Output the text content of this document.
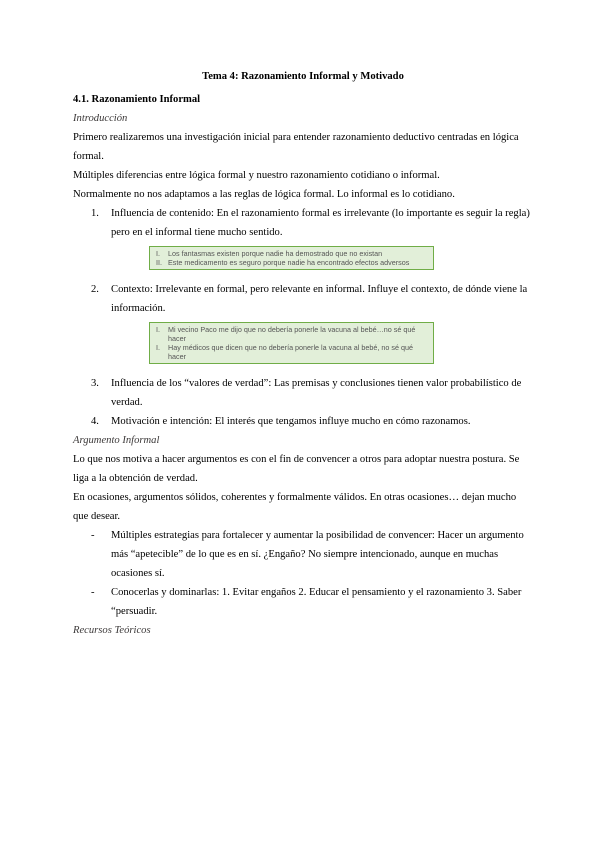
Tema 4: Razonamiento Informal y Motivado

4.1. Razonamiento Informal

Introducción

Primero realizaremos una investigación inicial para entender razonamiento deductivo centradas en lógica formal.

Múltiples diferencias entre lógica formal y nuestro razonamiento cotidiano o informal.

Normalmente no nos adaptamos a las reglas de lógica formal. Lo informal es lo cotidiano.

1. Influencia de contenido: En el razonamiento formal es irrelevante (lo importante es seguir la regla) pero en el informal tiene mucho sentido.
I. Los fantasmas existen porque nadie ha demostrado que no existan
II. Este medicamento es seguro porque nadie ha encontrado efectos adversos
2. Contexto: Irrelevante en formal, pero relevante en informal. Influye el contexto, de dónde viene la información.
I. Mi vecino Paco me dijo que no debería ponerle la vacuna al bebé…no sé qué hacer
I. Hay médicos que dicen que no debería ponerle la vacuna al bebé, no sé qué hacer
3. Influencia de los “valores de verdad”: Las premisas y conclusiones tienen valor probabilístico de verdad.
4. Motivación e intención: El interés que tengamos influye mucho en cómo razonamos.

Argumento Informal

Lo que nos motiva a hacer argumentos es con el fin de convencer a otros para adoptar nuestra postura. Se liga a la obtención de verdad.

En ocasiones, argumentos sólidos, coherentes y formalmente válidos. En otras ocasiones… dejan mucho que desear.

- Múltiples estrategias para fortalecer y aumentar la posibilidad de convencer: Hacer un argumento más “apetecible” de lo que es en sí. ¿Engaño? No siempre intencionado, aunque en muchas ocasiones sí.
- Conocerlas y dominarlas: 1. Evitar engaños 2. Educar el pensamiento y el razonamiento 3. Saber “persuadir.

Recursos Teóricos
